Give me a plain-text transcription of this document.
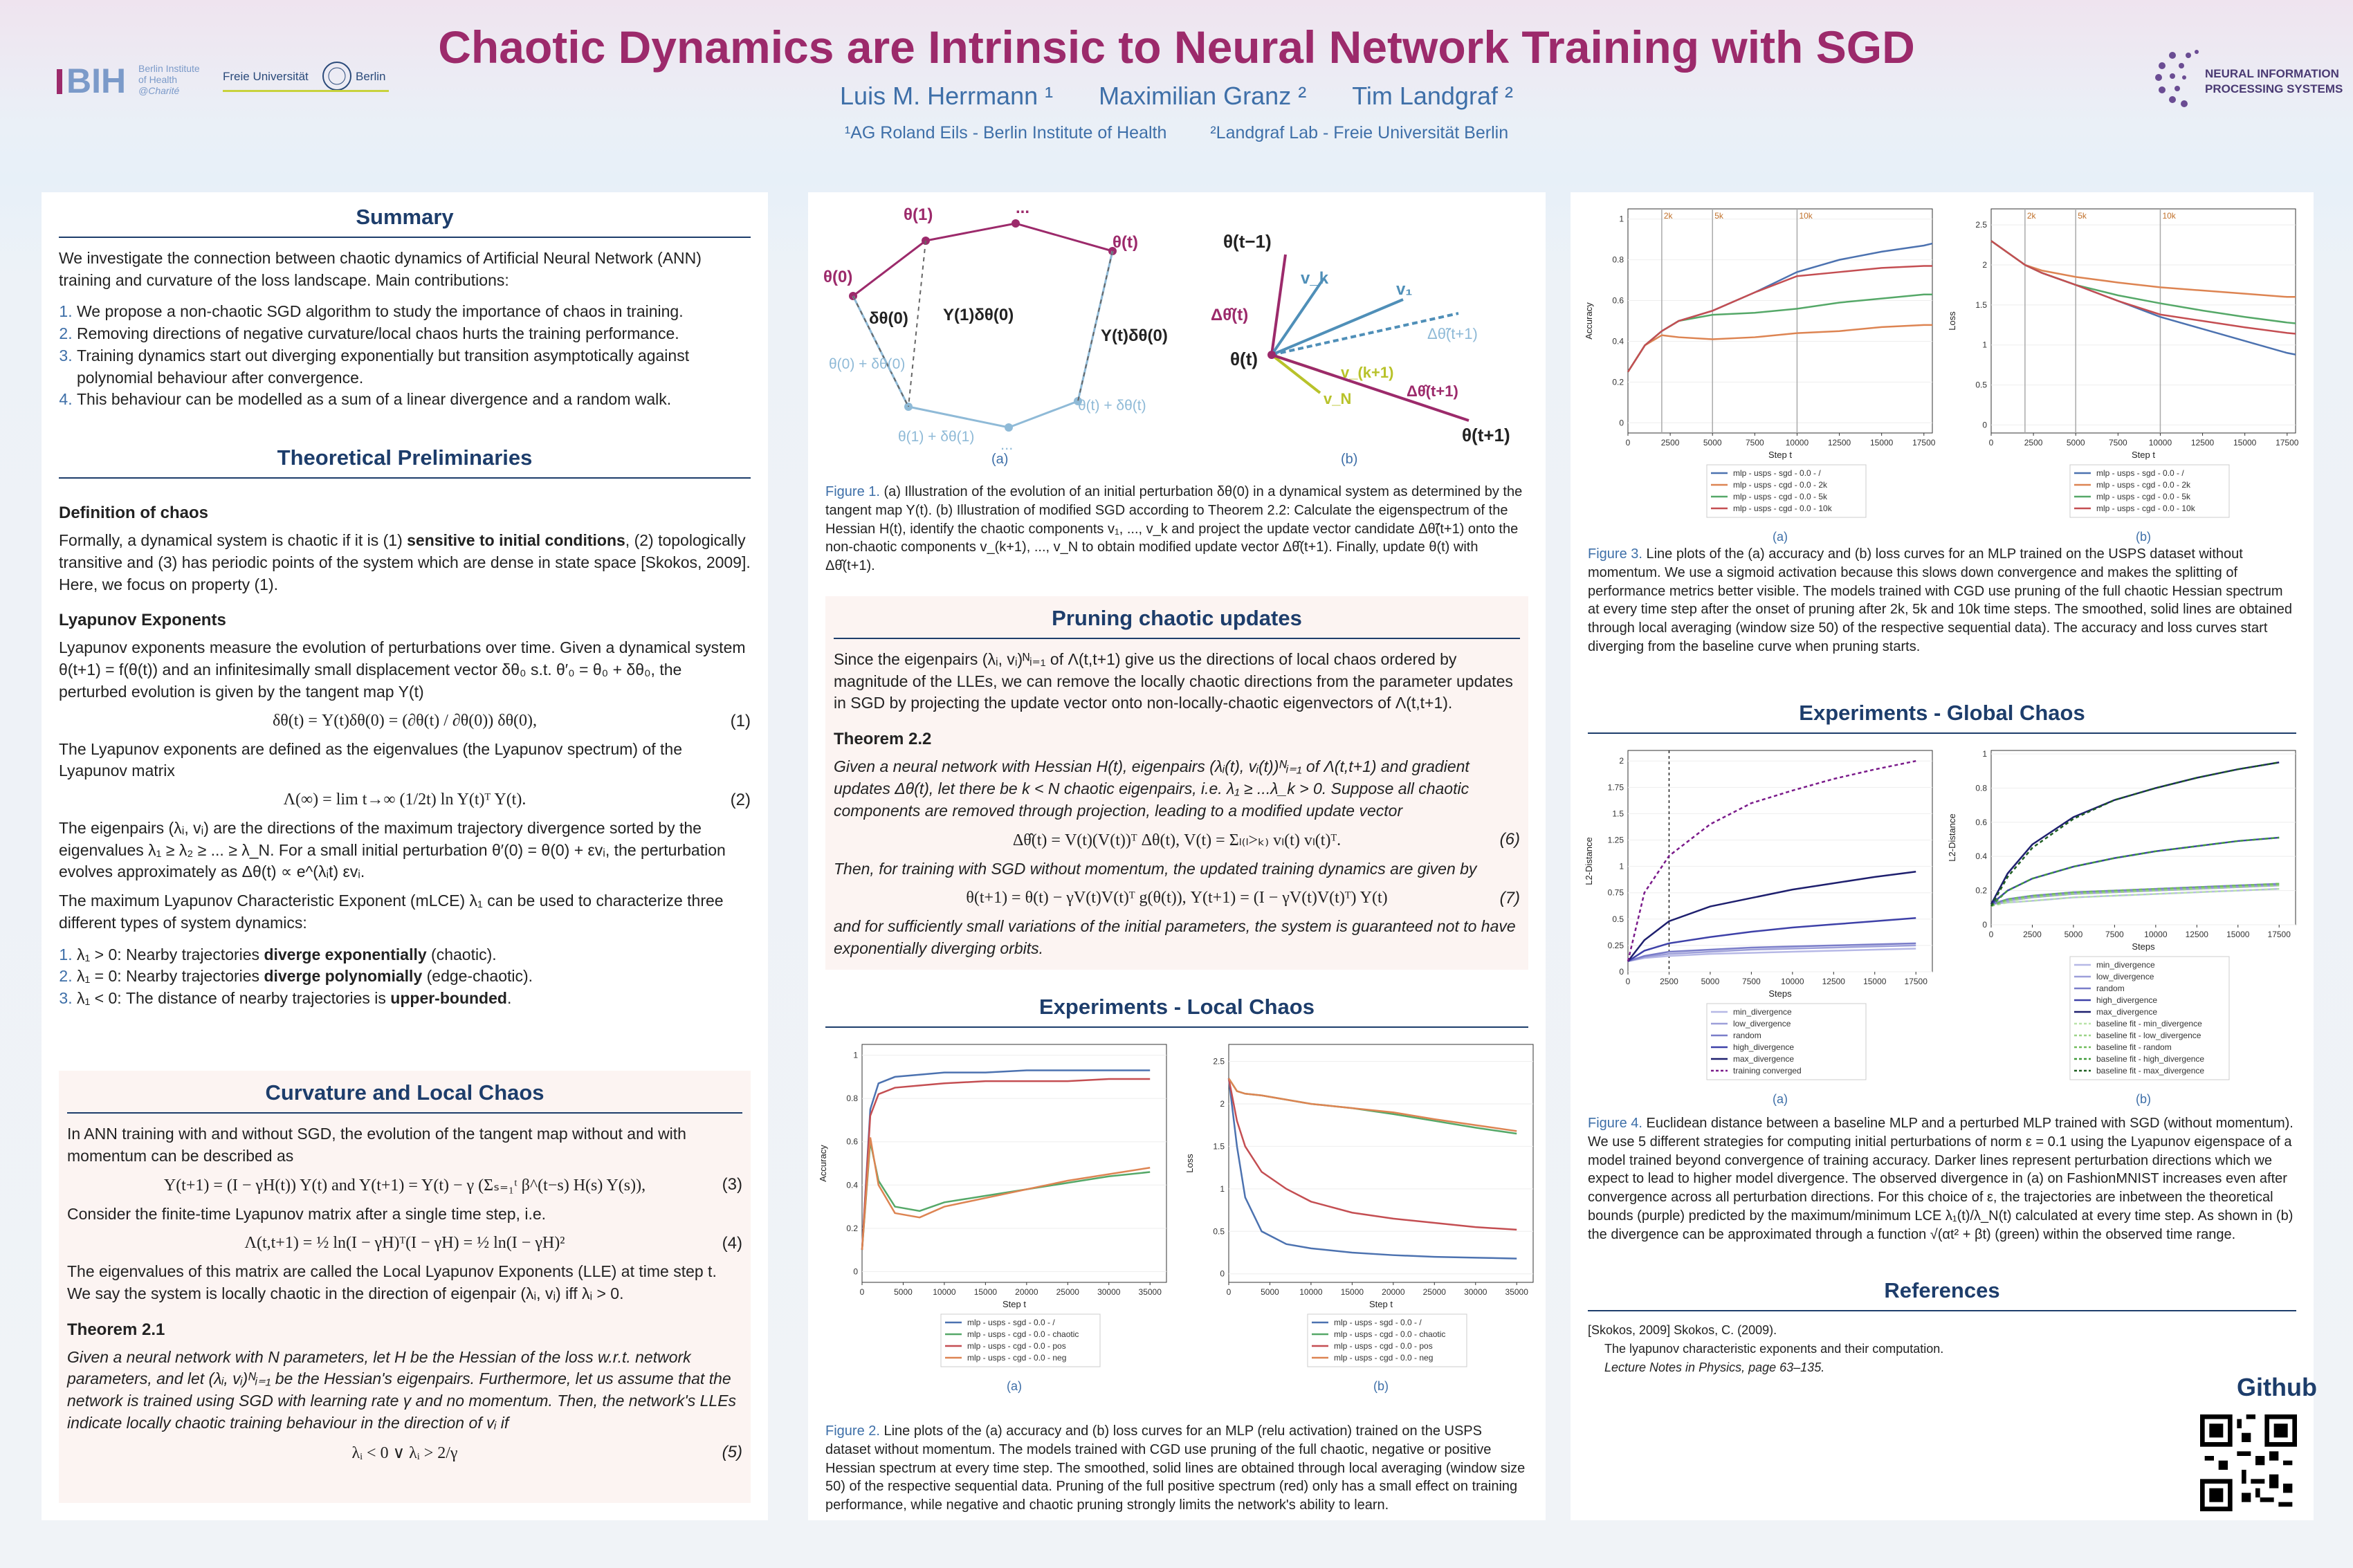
BIH Berlin Institute
of Health
@Charité
Freie Universität	Berlin	NEURAL INFORMATION
PROCESSING SYSTEMS
Chaotic Dynamics are Intrinsic to Neural Network Training with SGD
Luis M. Herrmann ¹ Maximilian Granz ² Tim Landgraf ²
¹AG Roland Eils - Berlin Institute of Health	²Landgraf Lab - Freie Universität Berlin
Summary

We investigate the connection between chaotic dynamics of Artificial Neural Network (ANN) training and curvature of the loss landscape. Main contributions:

1. We propose a non-chaotic SGD algorithm to study the importance of chaos in training.
2. Removing directions of negative curvature/local chaos hurts the training performance.
3. Training dynamics start out diverging exponentially but transition asymptotically against polynomial behaviour after convergence.
4. This behaviour can be modelled as a sum of a linear divergence and a random walk.
Theoretical Preliminaries
Definition of chaos

Formally, a dynamical system is chaotic if it is (1) sensitive to initial conditions, (2) topologically transitive and (3) has periodic points of the system which are dense in state space [Skokos, 2009]. Here, we focus on property (1).

Lyapunov Exponents

Lyapunov exponents measure the evolution of perturbations over time. Given a dynamical system θ(t+1) = f(θ(t)) and an infinitesimally small displacement vector δθ₀ s.t. θ′₀ = θ₀ + δθ₀, the perturbed evolution is given by the tangent map Y(t)

δθ(t) = Y(t)δθ(0) = (∂θ(t) / ∂θ(0)) δθ(0),	(1)

The Lyapunov exponents are defined as the eigenvalues (the Lyapunov spectrum) of the Lyapunov matrix

Λ(∞) = lim t→∞ (1/2t) ln Y(t)ᵀ Y(t).	(2)

The eigenpairs (λᵢ, vᵢ) are the directions of the maximum trajectory divergence sorted by the eigenvalues λ₁ ≥ λ₂ ≥ ... ≥ λ_N. For a small initial perturbation θ′(0) = θ(0) + εvᵢ, the perturbation evolves approximately as Δθ(t) ∝ e^(λᵢt) εvᵢ.

The maximum Lyapunov Characteristic Exponent (mLCE) λ₁ can be used to characterize three different types of system dynamics:

1. λ₁ > 0: Nearby trajectories diverge exponentially (chaotic).
2. λ₁ = 0: Nearby trajectories diverge polynomially (edge-chaotic).
3. λ₁ < 0: The distance of nearby trajectories is upper-bounded.
Curvature and Local Chaos

In ANN training with and without SGD, the evolution of the tangent map without and with momentum can be described as

Y(t+1) = (I − γH(t)) Y(t) and Y(t+1) = Y(t) − γ (Σₛ₌₁ᵗ β^(t−s) H(s) Y(s)),	(3)

Consider the finite-time Lyapunov matrix after a single time step, i.e.

Λ(t,t+1) = ½ ln(I − γH)ᵀ(I − γH) = ½ ln(I − γH)²	(4)

The eigenvalues of this matrix are called the Local Lyapunov Exponents (LLE) at time step t. We say the system is locally chaotic in the direction of eigenpair (λᵢ, vᵢ) iff λᵢ > 0.

Theorem 2.1

Given a neural network with N parameters, let H be the Hessian of the loss w.r.t. network parameters, and let (λᵢ, vᵢ)ᴺᵢ₌₁ be the Hessian's eigenpairs. Furthermore, let us assume that the network is trained using SGD with learning rate γ and no momentum. Then, the network's LLEs indicate locally chaotic training behaviour in the direction of vᵢ if

λᵢ < 0 ∨ λᵢ > 2/γ	(5)
θ(1)	...
θ(t)
θ(0)
δθ(0) Y(1)δθ(0)
Y(t)δθ(0)
θ(0) + δθ(0)
θ(1) + δθ(1)
θ(t) + δθ(t)
...
(a)
θ(t−1)
v_k
v₁
Δθ̂(t)
Δθ̃(t+1)
θ(t)
v_(k+1)
v_N	Δθ̂(t+1)
θ(t+1)
(b)

Figure 1. (a) Illustration of the evolution of an initial perturbation δθ(0) in a dynamical system as determined by the tangent map Y(t). (b) Illustration of modified SGD according to Theorem 2.2: Calculate the eigenspectrum of the Hessian H(t), identify the chaotic components v₁, ..., v_k and project the update vector candidate Δθ̃(t+1) onto the non-chaotic components v_(k+1), ..., v_N to obtain modified update vector Δθ̂(t+1). Finally, update θ(t) with Δθ̂(t+1).

Pruning chaotic updates

Since the eigenpairs (λᵢ, vᵢ)ᴺᵢ₌₁ of Λ(t,t+1) give us the directions of local chaos ordered by magnitude of the LLEs, we can remove the locally chaotic directions from the parameter updates in SGD by projecting the update vector onto non-locally-chaotic eigenvectors of Λ(t,t+1).

Theorem 2.2

Given a neural network with Hessian H(t), eigenpairs (λᵢ(t), vᵢ(t))ᴺᵢ₌₁ of Λ(t,t+1) and gradient updates Δθ(t), let there be k < N chaotic eigenpairs, i.e. λ₁ ≥ ...λ_k > 0. Suppose all chaotic components are removed through projection, leading to a modified update vector

Δθ̂(t) = V(t)(V(t))ᵀ Δθ(t), V(t) = Σₗ₍ₗ>ₖ₎ vₗ(t) vₗ(t)ᵀ.	(6)

Then, for training with SGD without momentum, the updated training dynamics are given by

θ(t+1) = θ(t) − γV(t)V(t)ᵀ g(θ(t)), Y(t+1) = (I − γV(t)V(t)ᵀ) Y(t)	(7)

and for sufficiently small variations of the initial parameters, the system is guaranteed not to have exponentially diverging orbits.

Experiments - Local Chaos
0
0.2
0.4
0.6
0.8
1
0	5000 10000 15000 20000 25000 30000 35000
Step t
Accuracy
mlp - usps - sgd - 0.0 - /
mlp - usps - cgd - 0.0 - chaotic
mlp - usps - cgd - 0.0 - pos
mlp - usps - cgd - 0.0 - neg
(a)
0
0.5
1
1.5
2
2.5
0	5000 10000 15000 20000 25000 30000 35000
Step t
Loss
mlp - usps - sgd - 0.0 - /
mlp - usps - cgd - 0.0 - chaotic
mlp - usps - cgd - 0.0 - pos
mlp - usps - cgd - 0.0 - neg
(b)

Figure 2. Line plots of the (a) accuracy and (b) loss curves for an MLP (relu activation) trained on the USPS dataset without momentum. The models trained with CGD use pruning of the full chaotic, negative or positive Hessian spectrum at every time step. The smoothed, solid lines are obtained through local averaging (window size 50) of the respective sequential data. Pruning of the full positive spectrum (red) only has a small effect on training performance, while negative and chaotic pruning strongly limits the network's ability to learn.

0
0.2
0.4
0.6
0.8
1
0	2500	5000	7500	10000 12500 15000 17500
2k	5k	10k
Step t
Accuracy
mlp - usps - sgd - 0.0 - /
mlp - usps - cgd - 0.0 - 2k
mlp - usps - cgd - 0.0 - 5k
mlp - usps - cgd - 0.0 - 10k
(a)
0
0.5
1
1.5
2
2.5
0	2500	5000	7500	10000 12500 15000 17500
2k	5k	10k
Step t
Loss
mlp - usps - sgd - 0.0 - /
mlp - usps - cgd - 0.0 - 2k
mlp - usps - cgd - 0.0 - 5k
mlp - usps - cgd - 0.0 - 10k
(b)

Figure 3. Line plots of the (a) accuracy and (b) loss curves for an MLP trained on the USPS dataset without momentum. We use a sigmoid activation because this slows down convergence and makes the splitting of performance metrics better visible. The models trained with CGD use pruning of the full chaotic Hessian spectrum at every time step after the onset of pruning after 2k, 5k and 10k time steps. The smoothed, solid lines are obtained through local averaging (window size 50) of the respective sequential data). The accuracy and loss curves start diverging from the baseline curve when pruning starts.

Experiments - Global Chaos
0
0.25
0.5
0.75
1
1.25
1.5
1.75
2
0	2500	5000	7500 10000 12500 15000 17500
Steps
L2-Distance
min_divergence
low_divergence
random
high_divergence
max_divergence
training converged
(a)
0
0.2
0.4
0.6
0.8
1
0	2500	5000	7500 10000 12500 15000 17500
Steps
L2-Distance
min_divergence
low_divergence
random
high_divergence
max_divergence
baseline fit - min_divergence
baseline fit - low_divergence
baseline fit - random
baseline fit - high_divergence
baseline fit - max_divergence
(b)

Figure 4. Euclidean distance between a baseline MLP and a perturbed MLP trained with SGD (without momentum). We use 5 different strategies for computing initial perturbations of norm ε = 0.1 using the Lyapunov eigenspace of a model trained beyond convergence of training accuracy. Darker lines represent perturbation directions which we expect to lead to higher model divergence. The observed divergence in (a) on FashionMNIST increases even after convergence across all perturbation directions. For this choice of ε, the trajectories are inbetween the theoretical bounds (purple) predicted by the maximum/minimum LCE λ₁(t)/λ_N(t) calculated at every time step. As shown in (b) the divergence can be approximated through a function √(αt² + βt) (green) within the observed time range.

References
[Skokos, 2009] Skokos, C. (2009).
The lyapunov characteristic exponents and their computation.
Lecture Notes in Physics, page 63–135.
Github
